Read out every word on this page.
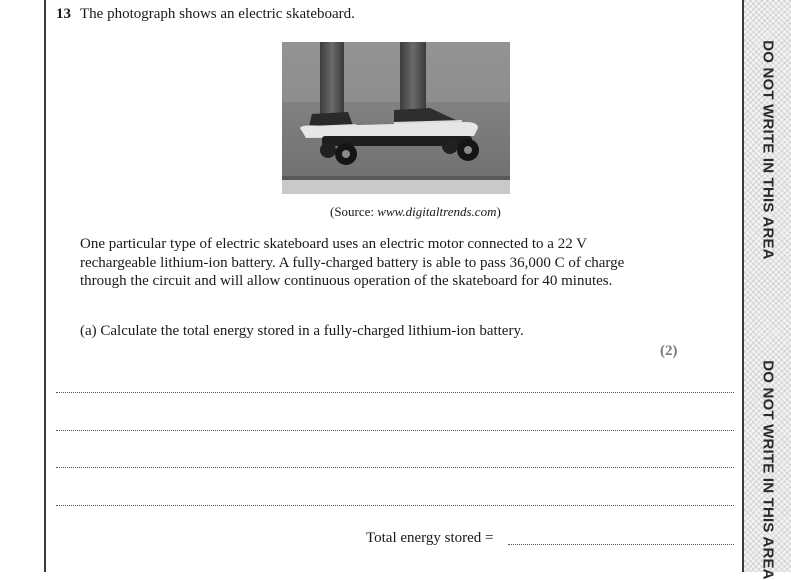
DO NOT WRITE IN THIS AREA
DO NOT WRITE IN THIS AREA
13 The photograph shows an electric skateboard.
(Source: www.digitaltrends.com)
One particular type of electric skateboard uses an electric motor connected to a 22 V rechargeable lithium-ion battery. A fully-charged battery is able to pass 36,000 C of charge through the circuit and will allow continuous operation of the skateboard for 40 minutes.
(a) Calculate the total energy stored in a fully-charged lithium-ion battery.
(2)
Total energy stored =
